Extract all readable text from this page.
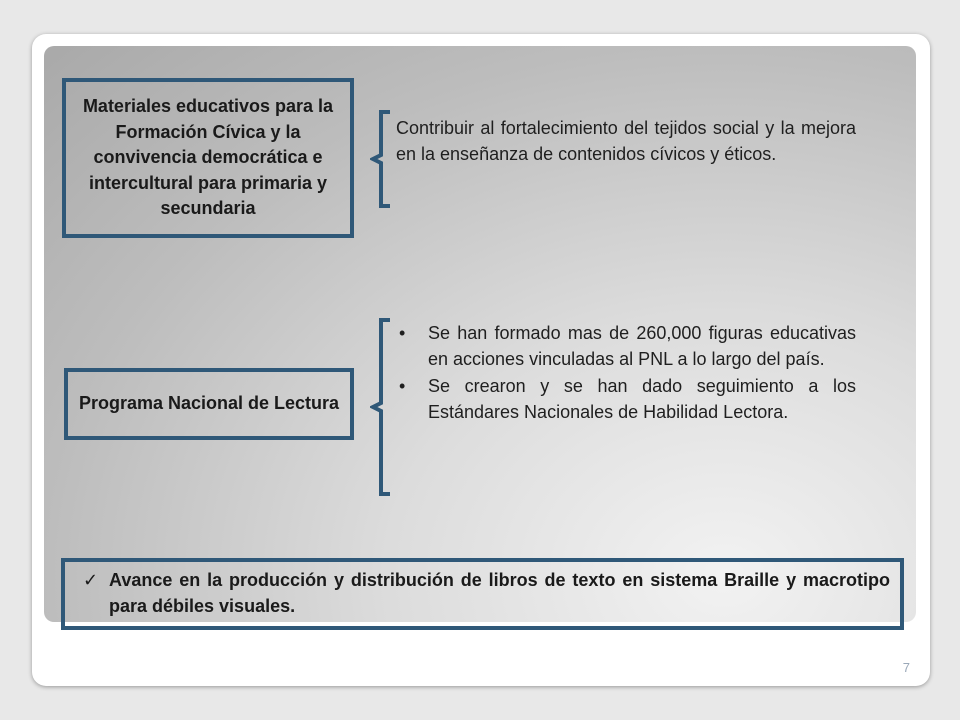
Materiales educativos para la Formación Cívica y la convivencia democrática e intercultural para primaria y secundaria
Contribuir al fortalecimiento del tejidos social y la mejora en la enseñanza de contenidos cívicos y éticos.
Programa Nacional de Lectura
• Se han formado mas de 260,000 figuras educativas en acciones vinculadas al PNL a lo largo del país.
• Se crearon y se han dado seguimiento a los Estándares Nacionales de Habilidad Lectora.
✓ Avance en la producción y distribución de libros de texto en sistema Braille y macrotipo para débiles visuales.
7
